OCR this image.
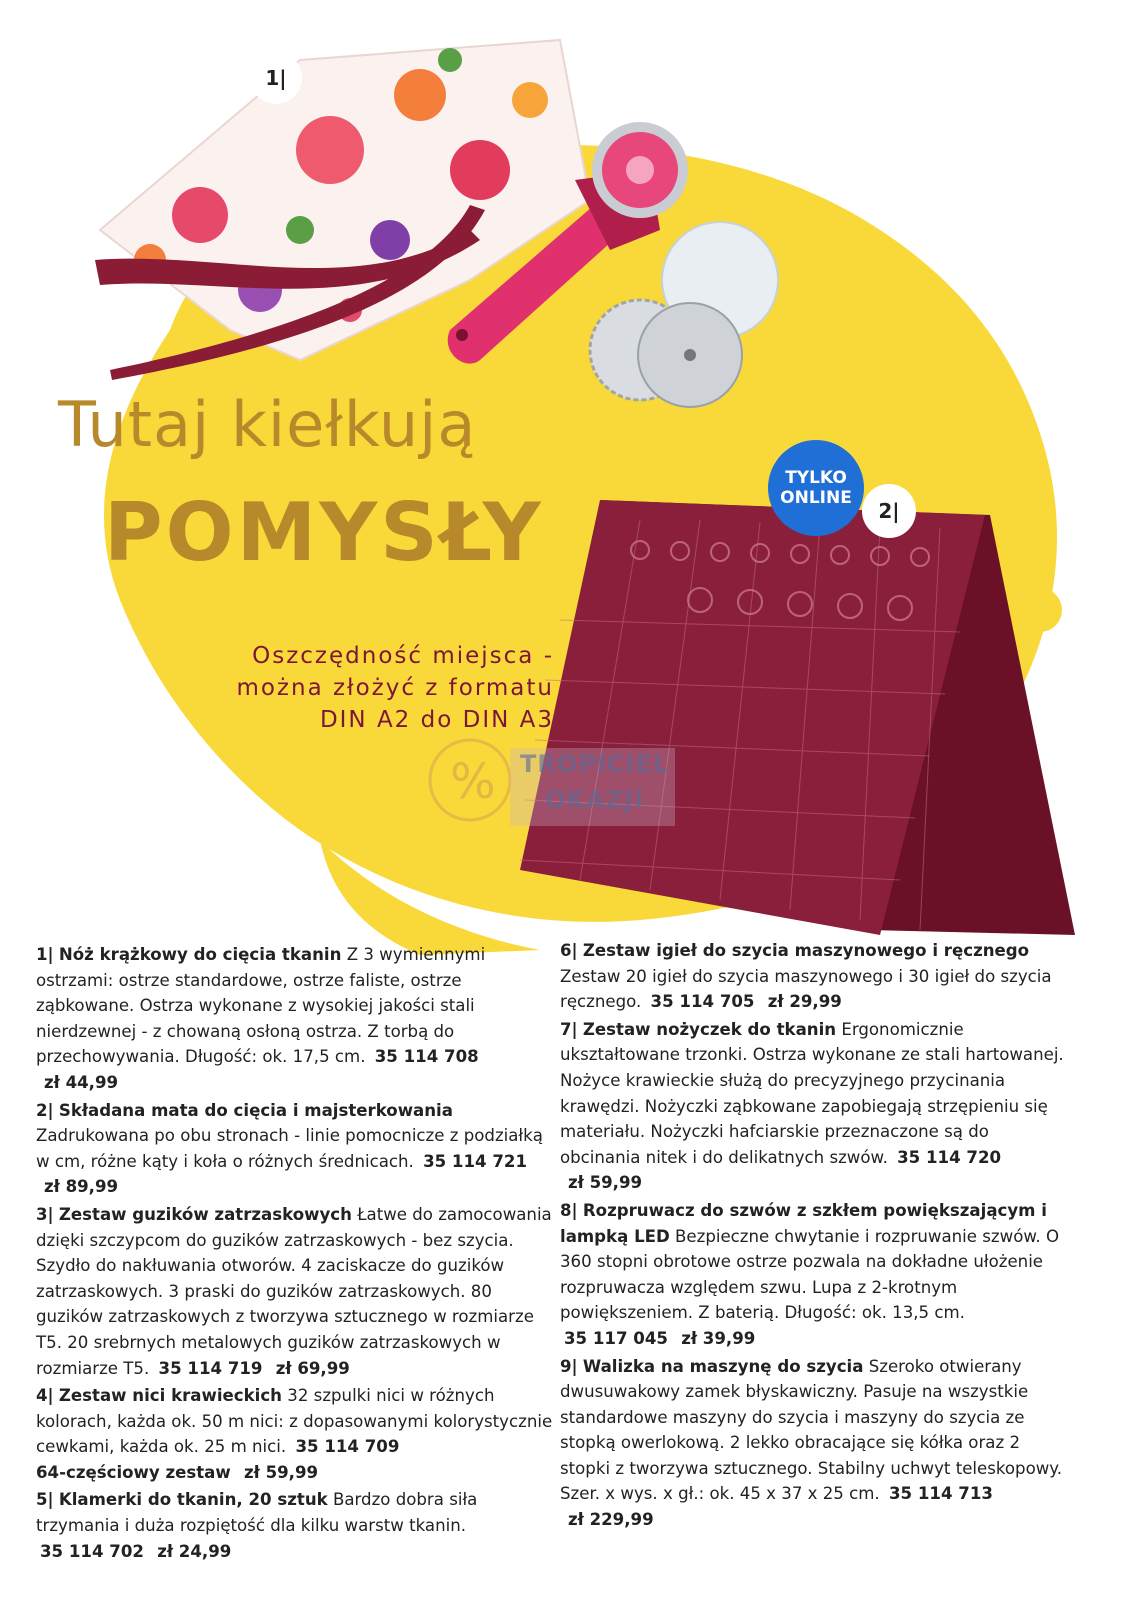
1|
TYLKO
ONLINE
2|
Tutaj kiełkują
POMYSŁY
Oszczędność miejsca -
można złożyć z formatu
DIN A2 do DIN A3
% TROPICIEL
OKAZJI

1| Nóż krążkowy do cięcia tkanin Z 3 wymiennymi ostrzami: ostrze standardowe, ostrze faliste, ostrze ząbkowane. Ostrza wykonane z wysokiej jakości stali nierdzewnej - z chowaną osłoną ostrza. Z torbą do przechowywania. Długość: ok. 17,5 cm. 35 114 708 zł 44,99

2| Składana mata do cięcia i majsterkowania Zadrukowana po obu stronach - linie pomocnicze z podziałką w cm, różne kąty i koła o różnych średnicach. 35 114 721 zł 89,99

3| Zestaw guzików zatrzaskowych Łatwe do zamocowania dzięki szczypcom do guzików zatrzaskowych - bez szycia. Szydło do nakłuwania otworów. 4 zaciskacze do guzików zatrzaskowych. 3 praski do guzików zatrzaskowych. 80 guzików zatrzaskowych z tworzywa sztucznego w rozmiarze T5. 20 srebrnych metalowych guzików zatrzaskowych w rozmiarze T5. 35 114 719 zł 69,99

4| Zestaw nici krawieckich 32 szpulki nici w różnych kolorach, każda ok. 50 m nici: z dopasowanymi kolorystycznie cewkami, każda ok. 25 m nici. 35 114 709 64-częściowy zestaw zł 59,99

5| Klamerki do tkanin, 20 sztuk Bardzo dobra siła trzymania i duża rozpiętość dla kilku warstw tkanin. 35 114 702 zł 24,99

6| Zestaw igieł do szycia maszynowego i ręcznego Zestaw 20 igieł do szycia maszynowego i 30 igieł do szycia ręcznego. 35 114 705 zł 29,99

7| Zestaw nożyczek do tkanin Ergonomicznie ukształtowane trzonki. Ostrza wykonane ze stali hartowanej. Nożyce krawieckie służą do precyzyjnego przycinania krawędzi. Nożyczki ząbkowane zapobiegają strzępieniu się materiału. Nożyczki hafciarskie przeznaczone są do obcinania nitek i do delikatnych szwów. 35 114 720 zł 59,99

8| Rozpruwacz do szwów z szkłem powiększającym i lampką LED Bezpieczne chwytanie i rozpruwanie szwów. O 360 stopni obrotowe ostrze pozwala na dokładne ułożenie rozpruwacza względem szwu. Lupa z 2-krotnym powiększeniem. Z baterią. Długość: ok. 13,5 cm. 35 117 045 zł 39,99

9| Walizka na maszynę do szycia Szeroko otwierany dwusuwakowy zamek błyskawiczny. Pasuje na wszystkie standardowe maszyny do szycia i maszyny do szycia ze stopką owerlokową. 2 lekko obracające się kółka oraz 2 stopki z tworzywa sztucznego. Stabilny uchwyt teleskopowy. Szer. x wys. x gł.: ok. 45 x 37 x 25 cm. 35 114 713 zł 229,99
